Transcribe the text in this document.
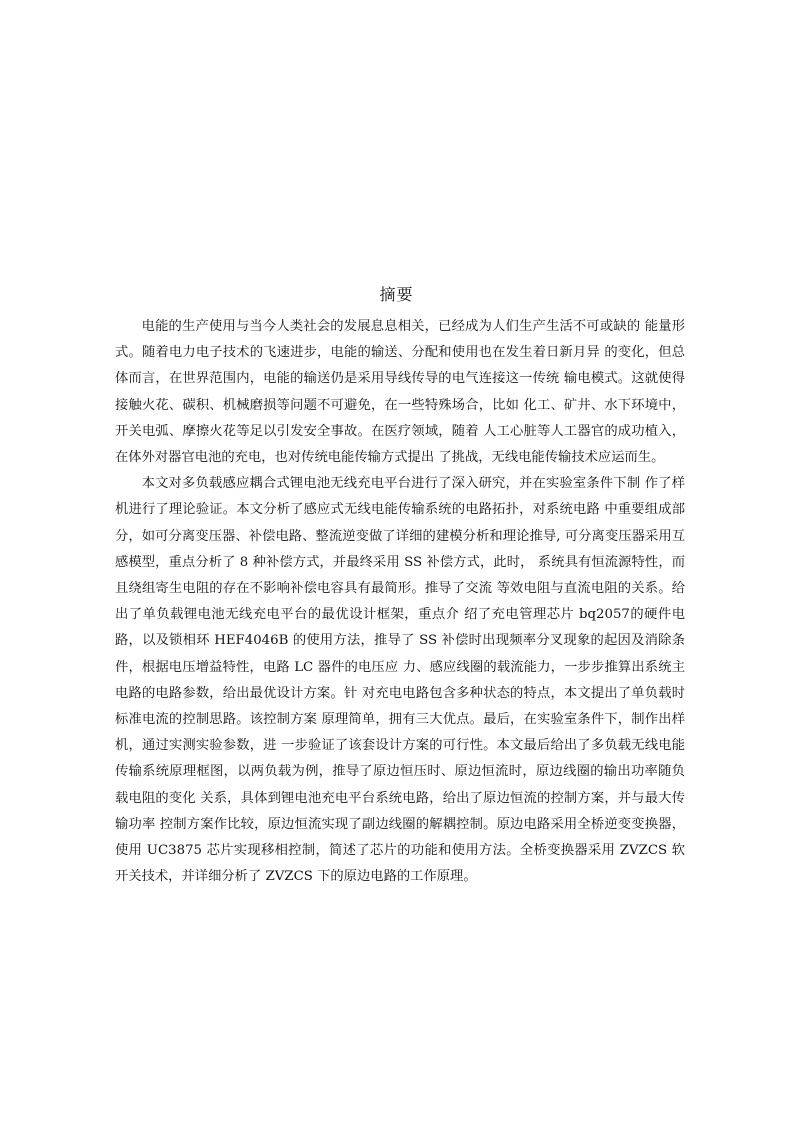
摘要

电能的生产使用与当今人类社会的发展息息相关，已经成为人们生产生活不可或缺的 能量形式。随着电力电子技术的飞速进步，电能的输送、分配和使用也在发生着日新月异 的变化，但总体而言，在世界范围内，电能的输送仍是采用导线传导的电气连接这一传统 输电模式。这就使得接触火花、碳积、机械磨损等问题不可避免，在一些特殊场合，比如 化工、矿井、水下环境中，开关电弧、摩擦火花等足以引发安全事故。在医疗领域，随着 人工心脏等人工器官的成功植入，在体外对器官电池的充电，也对传统电能传输方式提出 了挑战，无线电能传输技术应运而生。

本文对多负载感应耦合式锂电池无线充电平台进行了深入研究，并在实验室条件下制 作了样机进行了理论验证。本文分析了感应式无线电能传输系统的电路拓扑，对系统电路 中重要组成部分，如可分离变压器、补偿电路、整流逆变做了详细的建模分析和理论推导, 可分离变压器采用互感模型，重点分析了 8 种补偿方式，并最终采用 SS 补偿方式，此时， 系统具有恒流源特性，而且绕组寄生电阻的存在不影响补偿电容具有最简形。推导了交流 等效电阻与直流电阻的关系。给出了单负载锂电池无线充电平台的最优设计框架，重点介 绍了充电管理芯片 bq2057的硬件电路，以及锁相环 HEF4046B 的使用方法，推导了 SS 补偿时出现频率分叉现象的起因及消除条件，根据电压增益特性，电路 LC 器件的电压应 力、感应线圈的载流能力，一步步推算出系统主电路的电路参数，给出最优设计方案。针 对充电电路包含多种状态的特点，本文提出了单负载时标准电流的控制思路。该控制方案 原理简单，拥有三大优点。最后，在实验室条件下，制作出样机，通过实测实验参数，进 一步验证了该套设计方案的可行性。本文最后给出了多负载无线电能传输系统原理框图，以两负载为例，推导了原边恒压时、原边恒流时，原边线圈的输出功率随负载电阻的变化 关系，具体到锂电池充电平台系统电路，给出了原边恒流的控制方案，并与最大传输功率 控制方案作比较，原边恒流实现了副边线圈的解耦控制。原边电路采用全桥逆变变换器，使用 UC3875 芯片实现移相控制，简述了芯片的功能和使用方法。全桥变换器采用 ZVZCS 软开关技术，并详细分析了 ZVZCS 下的原边电路的工作原理。
